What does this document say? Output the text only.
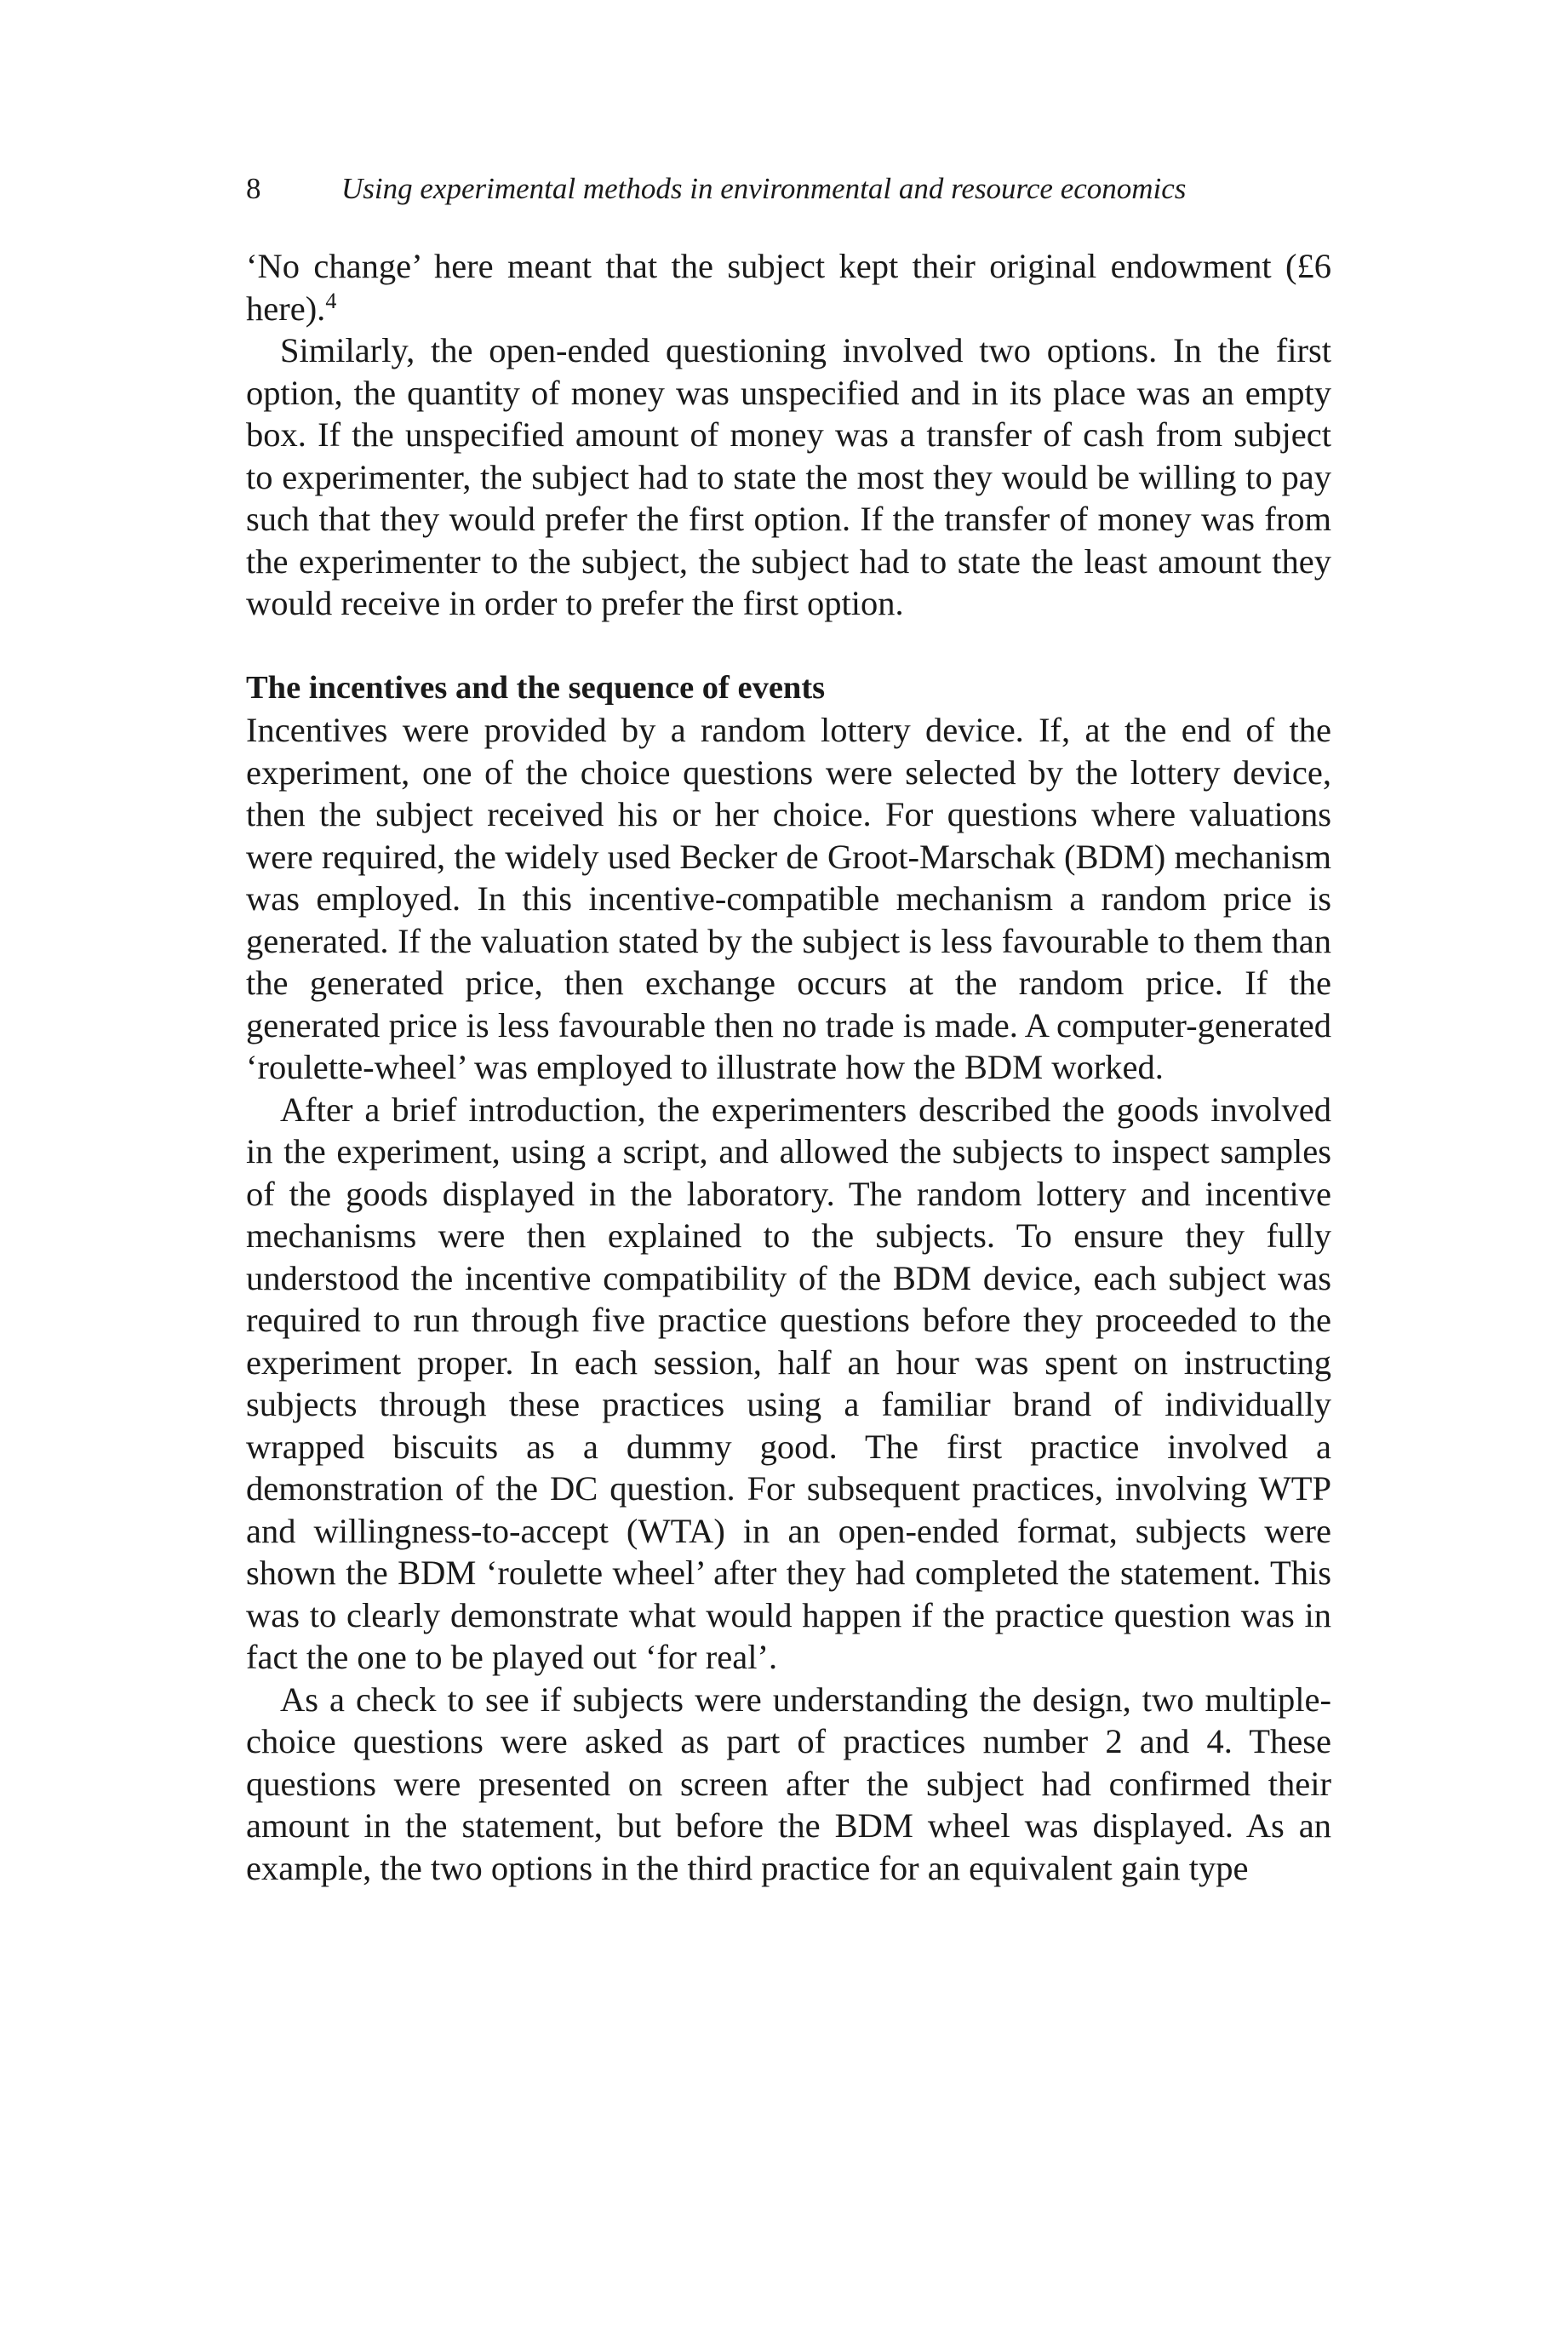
8	Using experimental methods in environmental and resource economics

‘No change’ here meant that the subject kept their original endowment (£6 here).$^4$

Similarly, the open-ended questioning involved two options. In the first option, the quantity of money was unspecified and in its place was an empty box. If the unspecified amount of money was a transfer of cash from subject to experimenter, the subject had to state the most they would be willing to pay such that they would prefer the first option. If the transfer of money was from the experimenter to the subject, the subject had to state the least amount they would receive in order to prefer the first option.

The incentives and the sequence of events

Incentives were provided by a random lottery device. If, at the end of the experiment, one of the choice questions were selected by the lottery device, then the subject received his or her choice. For questions where valuations were required, the widely used Becker de Groot-Marschak (BDM) mechanism was employed. In this incentive-compatible mechanism a random price is generated. If the valuation stated by the subject is less favourable to them than the generated price, then exchange occurs at the random price. If the generated price is less favourable then no trade is made. A computer-generated ‘roulette-wheel’ was employed to illustrate how the BDM worked.

After a brief introduction, the experimenters described the goods involved in the experiment, using a script, and allowed the subjects to inspect samples of the goods displayed in the laboratory. The random lottery and incentive mechanisms were then explained to the subjects. To ensure they fully understood the incentive compatibility of the BDM device, each subject was required to run through five practice questions before they proceeded to the experiment proper. In each session, half an hour was spent on instructing subjects through these practices using a familiar brand of individually wrapped biscuits as a dummy good. The first practice involved a demonstration of the DC question. For subsequent practices, involving WTP and willingness-to-accept (WTA) in an open-ended format, subjects were shown the BDM ‘roulette wheel’ after they had completed the statement. This was to clearly demonstrate what would happen if the practice question was in fact the one to be played out ‘for real’.

As a check to see if subjects were understanding the design, two multiple-choice questions were asked as part of practices number 2 and 4. These questions were presented on screen after the subject had confirmed their amount in the statement, but before the BDM wheel was displayed. As an example, the two options in the third practice for an equivalent gain type
